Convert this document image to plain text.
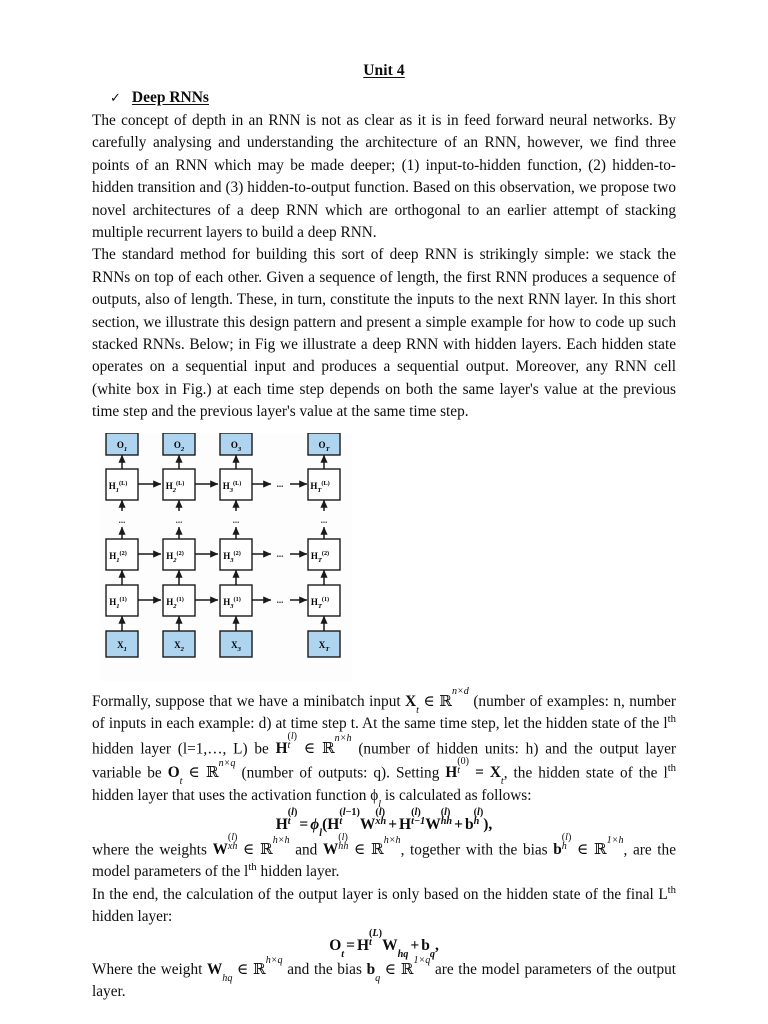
Unit 4
✓ Deep RNNs

The concept of depth in an RNN is not as clear as it is in feed forward neural networks. By carefully analysing and understanding the architecture of an RNN, however, we find three points of an RNN which may be made deeper; (1) input-to-hidden function, (2) hidden-to-hidden transition and (3) hidden-to-output function. Based on this observation, we propose two novel architectures of a deep RNN which are orthogonal to an earlier attempt of stacking multiple recurrent layers to build a deep RNN.

The standard method for building this sort of deep RNN is strikingly simple: we stack the RNNs on top of each other. Given a sequence of length, the first RNN produces a sequence of outputs, also of length. These, in turn, constitute the inputs to the next RNN layer. In this short section, we illustrate this design pattern and present a simple example for how to code up such stacked RNNs. Below; in Fig we illustrate a deep RNN with hidden layers. Each hidden state operates on a sequential input and produces a sequential output. Moreover, any RNN cell (white box in Fig.) at each time step depends on both the same layer's value at the previous time step and the previous layer's value at the same time step.

...
...
...
...	...	...	...
$O_1$	$O_2$	$O_3$	$O_T$
$H_1^{(L)}$	$H_2^{(L)}$	$H_3^{(L)}$	$H_T^{(L)}$
$H_1^{(2)}$	$H_2^{(2)}$	$H_3^{(2)}$	$H_T^{(2)}$
$H_1^{(1)}$	$H_2^{(1)}$	$H_3^{(1)}$	$H_T^{(1)}$
$X_1$	$X_2$	$X_3$	$X_T$

Formally, suppose that we have a minibatch input $X_t$ ∈ ℝ$^{n\times d}$ (number of examples: n, number of inputs in each example: d) at time step t. At the same time step, let the hidden state of the $l^{th}$ hidden layer (l=1,…, L) be H
(l)
t ∈ ℝ$^{n\times h}$ (number of hidden units: h) and the output layer variable be $O_t$ ∈ ℝ$^{n\times q}$ (number of outputs: q). Setting H
(0)
$t = X_t$, the hidden state of the $l^{th}$ hidden layer that uses the activation function $\phi_l$ is calculated as follows:

H
(l)
$t = \phi_l(H$
(l−1)
t	W
(l)
xh + H
(l)
t−1 W
(l)
hh + b
(l)
h ),

where the weights W
(l)
xh ∈ ℝ$^{h\times h}$ and W
(l)
hh ∈ ℝ$^{h\times h}$, together with the bias b
(l)
h ∈ ℝ$^{1\times h}$, are the model parameters of the $l^{th}$ hidden layer.

In the end, the calculation of the output layer is only based on the hidden state of the final Lth hidden layer:

$O_t= H$
(L)
t $W_{hq}+ b_q$,

Where the weight $W_{hq}$ ∈ ℝ$^{h\times q}$ and the bias $b_q$ ∈ ℝ$^{1\times q}$ are the model parameters of the output layer.
